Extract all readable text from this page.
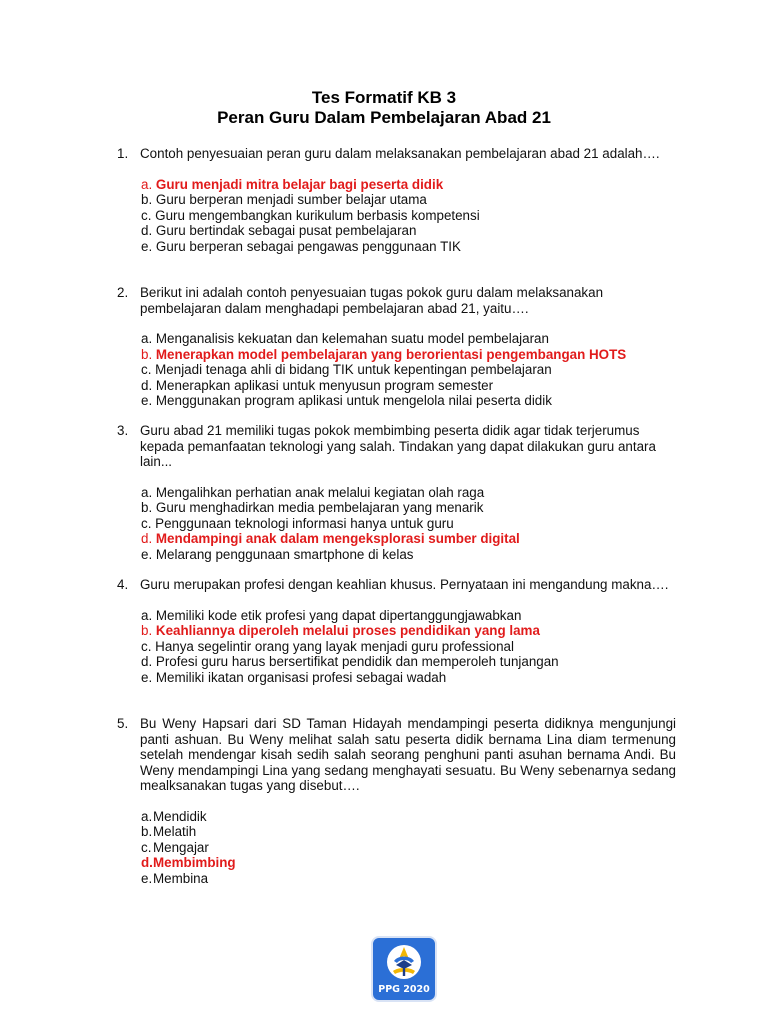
Tes Formatif KB 3
Peran Guru Dalam Pembelajaran Abad 21
1. Contoh penyesuaian peran guru dalam melaksanakan pembelajaran abad 21 adalah….
a. Guru menjadi mitra belajar bagi peserta didik
b. Guru berperan menjadi sumber belajar utama
c. Guru mengembangkan kurikulum berbasis kompetensi
d. Guru bertindak sebagai pusat pembelajaran
e. Guru berperan sebagai pengawas penggunaan TIK
2. Berikut ini adalah contoh penyesuaian tugas pokok guru dalam melaksanakan pembelajaran dalam menghadapi pembelajaran abad 21, yaitu….
a. Menganalisis kekuatan dan kelemahan suatu model pembelajaran
b. Menerapkan model pembelajaran yang berorientasi pengembangan HOTS
c. Menjadi tenaga ahli di bidang TIK untuk kepentingan pembelajaran
d. Menerapkan aplikasi untuk menyusun program semester
e. Menggunakan program aplikasi untuk mengelola nilai peserta didik
3. Guru abad 21 memiliki tugas pokok membimbing peserta didik agar tidak terjerumus kepada pemanfaatan teknologi yang salah. Tindakan yang dapat dilakukan guru antara lain...
a. Mengalihkan perhatian anak melalui kegiatan olah raga
b. Guru menghadirkan media pembelajaran yang menarik
c. Penggunaan teknologi informasi hanya untuk guru
d. Mendampingi anak dalam mengeksplorasi sumber digital
e. Melarang penggunaan smartphone di kelas
4. Guru merupakan profesi dengan keahlian khusus. Pernyataan ini mengandung makna….
a. Memiliki kode etik profesi yang dapat dipertanggungjawabkan
b. Keahliannya diperoleh melalui proses pendidikan yang lama
c. Hanya segelintir orang yang layak menjadi guru professional
d. Profesi guru harus bersertifikat pendidik dan memperoleh tunjangan
e. Memiliki ikatan organisasi profesi sebagai wadah
5. Bu Weny Hapsari dari SD Taman Hidayah mendampingi peserta didiknya mengunjungi panti ashuan. Bu Weny melihat salah satu peserta didik bernama Lina diam termenung setelah mendengar kisah sedih salah seorang penghuni panti asuhan bernama Andi. Bu Weny mendampingi Lina yang sedang menghayati sesuatu. Bu Weny sebenarnya sedang mealksanakan tugas yang disebut….
a.Mendidik
b.Melatih
c. Mengajar
d.Membimbing
e.Membina
PPG 2020
